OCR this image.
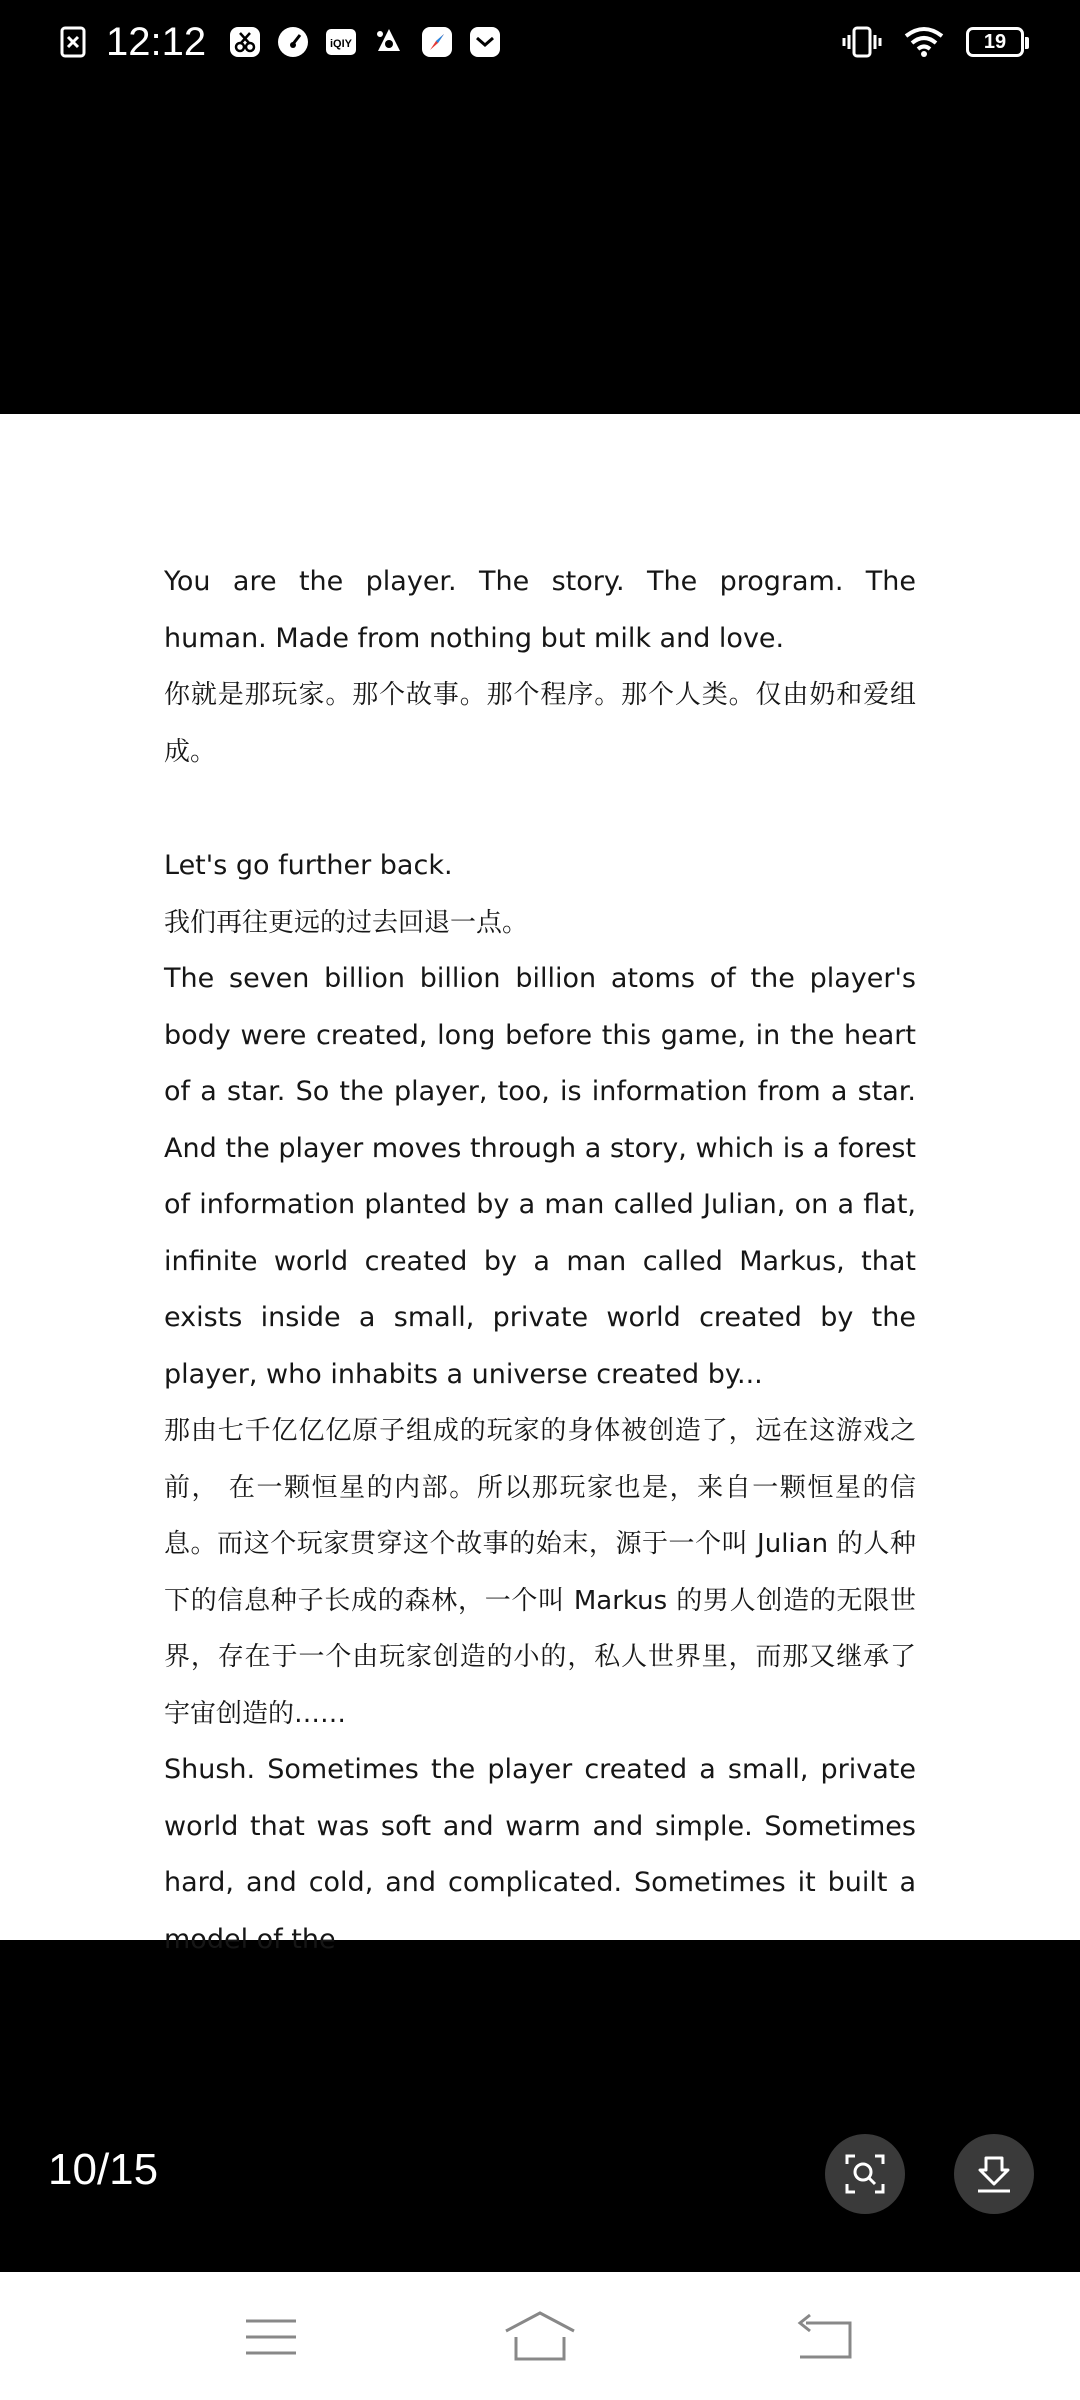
12:12	iQIY	19

You are the player. The story. The program. The human. Made from nothing but milk and love.

你就是那玩家。那个故事。那个程序。那个人类。仅由奶和爱组成。

Let's go further back.

我们再往更远的过去回退一点。

The seven billion billion billion atoms of the player's body were created, long before this game, in the heart of a star. So the player, too, is information from a star. And the player moves through a story, which is a forest of information planted by a man called Julian, on a flat, infinite world created by a man called Markus, that exists inside a small, private world created by the player, who inhabits a universe created by...

那由七千亿亿亿原子组成的玩家的身体被创造了，远在这游戏之前， 在一颗恒星的内部。所以那玩家也是，来自一颗恒星的信息。而这个玩家贯穿这个故事的始末，源于一个叫 Julian 的人种下的信息种子长成的森林，一个叫 Markus 的男人创造的无限世界，存在于一个由玩家创造的小的，私人世界里，而那又继承了宇宙创造的……

Shush. Sometimes the player created a small, private world that was soft and warm and simple. Sometimes hard, and cold, and complicated. Sometimes it built a model of the

10/15
